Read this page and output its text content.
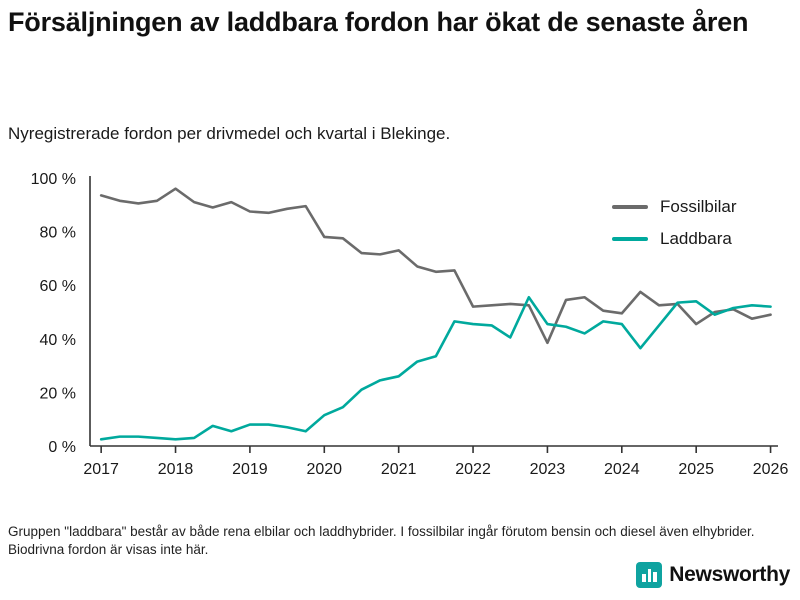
Försäljningen av laddbara fordon har ökat de senaste åren
Nyregistrerade fordon per drivmedel och kvartal i Blekinge.
0 %
20 %
40 %
60 %
80 %
100 %
2017 2018 2019 2020 2021 2022 2023 2024 2025 2026
Fossilbilar
Laddbara
Gruppen "laddbara" består av både rena elbilar och laddhybrider. I fossilbilar ingår förutom bensin och diesel även elhybrider. Biodrivna fordon är visas inte här.
Newsworthy
